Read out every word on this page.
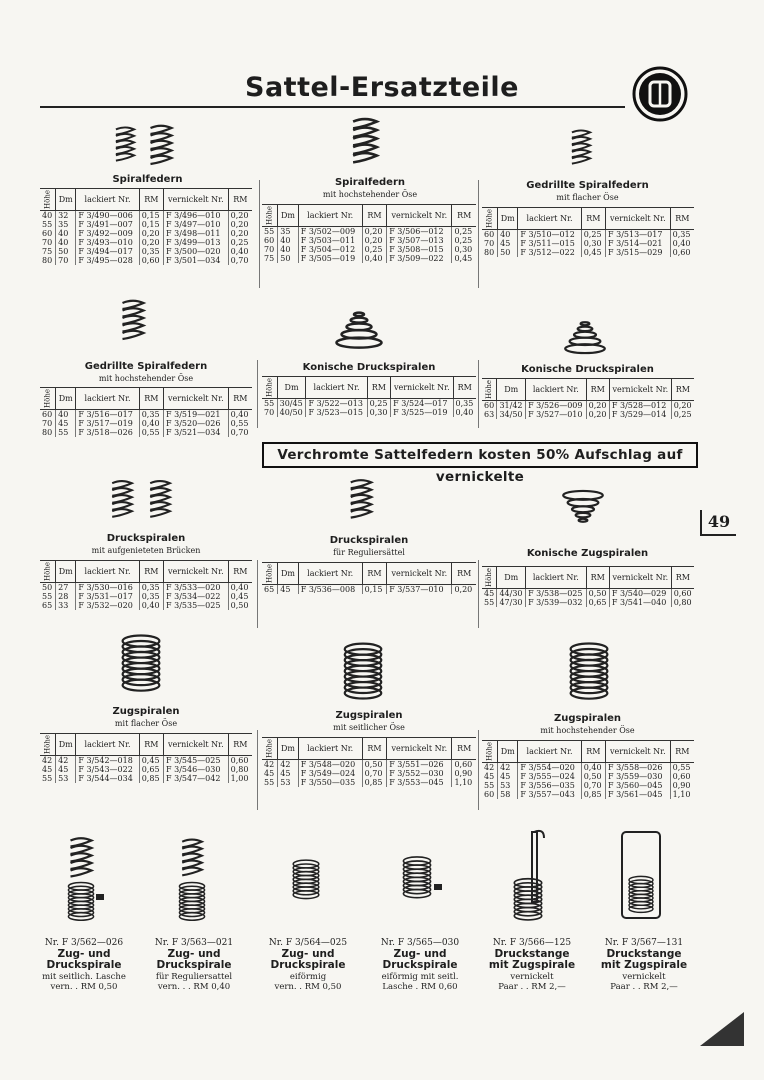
Sattel-Ersatzteile
49
Spiralfedern
Höhe	Dm	lackiert Nr.	RM	vernickelt Nr.	RM
40	32	F 3/490—006	0,15	F 3/496—010	0,20
55	35	F 3/491—007	0,15	F 3/497—010	0,20
60	40	F 3/492—009	0,20	F 3/498—011	0,20
70	40	F 3/493—010	0,20	F 3/499—013	0,25
75	50	F 3/494—017	0,35	F 3/500—020	0,40
80	70	F 3/495—028	0,60	F 3/501—034	0,70
Spiralfedern
mit hochstehender Öse
Höhe	Dm	lackiert Nr.	RM	vernickelt Nr.	RM
55	35	F 3/502—009	0,20	F 3/506—012	0,25
60	40	F 3/503—011	0,20	F 3/507—013	0,25
70	40	F 3/504—012	0,25	F 3/508—015	0,30
75	50	F 3/505—019	0,40	F 3/509—022	0,45
Gedrillte Spiralfedern
mit flacher Öse
Höhe	Dm	lackiert Nr.	RM	vernickelt Nr.	RM
60	40	F 3/510—012	0,25	F 3/513—017	0,35
70	45	F 3/511—015	0,30	F 3/514—021	0,40
80	50	F 3/512—022	0,45	F 3/515—029	0,60
Gedrillte Spiralfedern
mit hochstehender Öse
Höhe	Dm	lackiert Nr.	RM	vernickelt Nr.	RM
60	40	F 3/516—017	0,35	F 3/519—021	0,40
70	45	F 3/517—019	0,40	F 3/520—026	0,55
80	55	F 3/518—026	0,55	F 3/521—034	0,70
Konische Druckspiralen
Höhe	Dm	lackiert Nr.	RM	vernickelt Nr.	RM
55	30/45	F 3/522—013	0,25	F 3/524—017	0,35
70	40/50	F 3/523—015	0,30	F 3/525—019	0,40
Konische Druckspiralen
Höhe	Dm	lackiert Nr.	RM	vernickelt Nr.	RM
60	31/42	F 3/526—009	0,20	F 3/528—012	0,20
63	34/50	F 3/527—010	0,20	F 3/529—014	0,25
Verchromte Sattelfedern kosten 50% Aufschlag auf vernickelte
Druckspiralen
mit aufgenieteten Brücken
Höhe	Dm	lackiert Nr.	RM	vernickelt Nr.	RM
50	27	F 3/530—016	0,35	F 3/533—020	0,40
55	28	F 3/531—017	0,35	F 3/534—022	0,45
65	33	F 3/532—020	0,40	F 3/535—025	0,50
Druckspiralen
für Reguliersättel
Höhe	Dm	lackiert Nr.	RM	vernickelt Nr.	RM
65	45	F 3/536—008	0,15	F 3/537—010	0,20
Konische Zugspiralen
Höhe	Dm	lackiert Nr.	RM	vernickelt Nr.	RM
45	44/30	F 3/538—025	0,50	F 3/540—029	0,60
55	47/30	F 3/539—032	0,65	F 3/541—040	0,80
Zugspiralen
mit flacher Öse
Höhe	Dm	lackiert Nr.	RM	vernickelt Nr.	RM
42	42	F 3/542—018	0,45	F 3/545—025	0,60
45	45	F 3/543—022	0,65	F 3/546—030	0,80
55	53	F 3/544—034	0,85	F 3/547—042	1,00
Zugspiralen
mit seitlicher Öse
Höhe	Dm	lackiert Nr.	RM	vernickelt Nr.	RM
42	42	F 3/548—020	0,50	F 3/551—026	0,60
45	45	F 3/549—024	0,70	F 3/552—030	0,90
55	53	F 3/550—035	0,85	F 3/553—045	1,10
Zugspiralen
mit hochstehender Öse
Höhe	Dm	lackiert Nr.	RM	vernickelt Nr.	RM
42	42	F 3/554—020	0,40	F 3/558—026	0,55
45	45	F 3/555—024	0,50	F 3/559—030	0,60
55	53	F 3/556—035	0,70	F 3/560—045	0,90
60	58	F 3/557—043	0,85	F 3/561—045	1,10
Nr. F 3/562—026
Zug- und
Druckspirale
mit seitlich. Lasche
vern. . RM 0,50
Nr. F 3/563—021
Zug- und
Druckspirale
für Reguliersattel
vern. . . RM 0,40
Nr. F 3/564—025
Zug- und
Druckspirale
eiförmig
vern. . RM 0,50
Nr. F 3/565—030
Zug- und
Druckspirale
eiförmig mit seitl.
Lasche . RM 0,60
Nr. F 3/566—125
Druckstange
mit Zugspirale
vernickelt
Paar . . RM 2,—
Nr. F 3/567—131
Druckstange
mit Zugspirale
vernickelt
Paar . . RM 2,—
